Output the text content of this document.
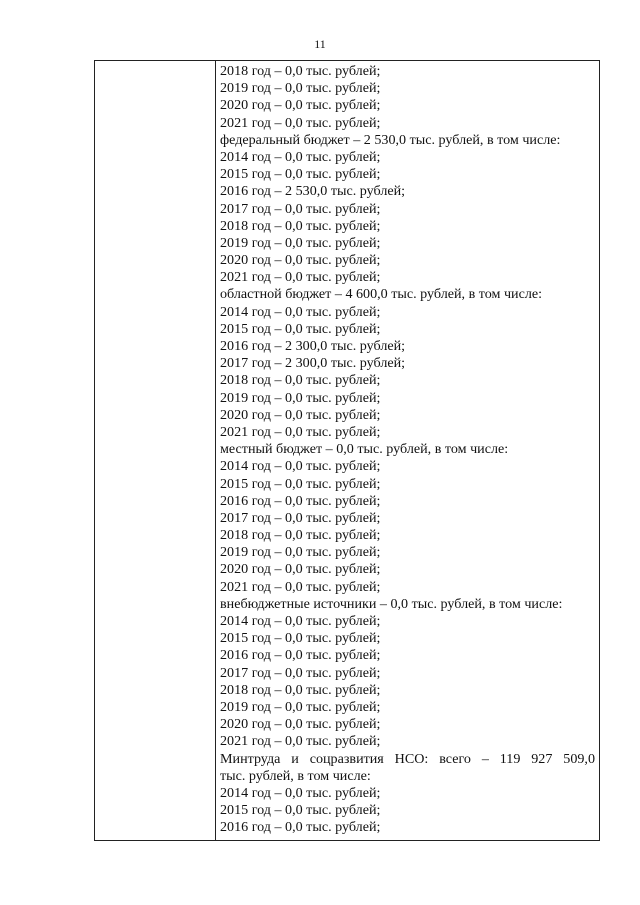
11
2018 год – 0,0 тыс. рублей;
2019 год – 0,0 тыс. рублей;
2020 год – 0,0 тыс. рублей;
2021 год – 0,0 тыс. рублей;
федеральный бюджет – 2 530,0 тыс. рублей, в том числе:
2014 год – 0,0 тыс. рублей;
2015 год – 0,0 тыс. рублей;
2016 год – 2 530,0 тыс. рублей;
2017 год – 0,0 тыс. рублей;
2018 год – 0,0 тыс. рублей;
2019 год – 0,0 тыс. рублей;
2020 год – 0,0 тыс. рублей;
2021 год – 0,0 тыс. рублей;
областной бюджет – 4 600,0 тыс. рублей, в том числе:
2014 год – 0,0 тыс. рублей;
2015 год – 0,0 тыс. рублей;
2016 год – 2 300,0 тыс. рублей;
2017 год – 2 300,0 тыс. рублей;
2018 год – 0,0 тыс. рублей;
2019 год – 0,0 тыс. рублей;
2020 год – 0,0 тыс. рублей;
2021 год – 0,0 тыс. рублей;
местный бюджет – 0,0 тыс. рублей, в том числе:
2014 год – 0,0 тыс. рублей;
2015 год – 0,0 тыс. рублей;
2016 год – 0,0 тыс. рублей;
2017 год – 0,0 тыс. рублей;
2018 год – 0,0 тыс. рублей;
2019 год – 0,0 тыс. рублей;
2020 год – 0,0 тыс. рублей;
2021 год – 0,0 тыс. рублей;
внебюджетные источники – 0,0 тыс. рублей, в том числе:
2014 год – 0,0 тыс. рублей;
2015 год – 0,0 тыс. рублей;
2016 год – 0,0 тыс. рублей;
2017 год – 0,0 тыс. рублей;
2018 год – 0,0 тыс. рублей;
2019 год – 0,0 тыс. рублей;
2020 год – 0,0 тыс. рублей;
2021 год – 0,0 тыс. рублей;
Минтруда и соцразвития НСО: всего – 119 927 509,0
тыс. рублей, в том числе:
2014 год – 0,0 тыс. рублей;
2015 год – 0,0 тыс. рублей;
2016 год – 0,0 тыс. рублей;
